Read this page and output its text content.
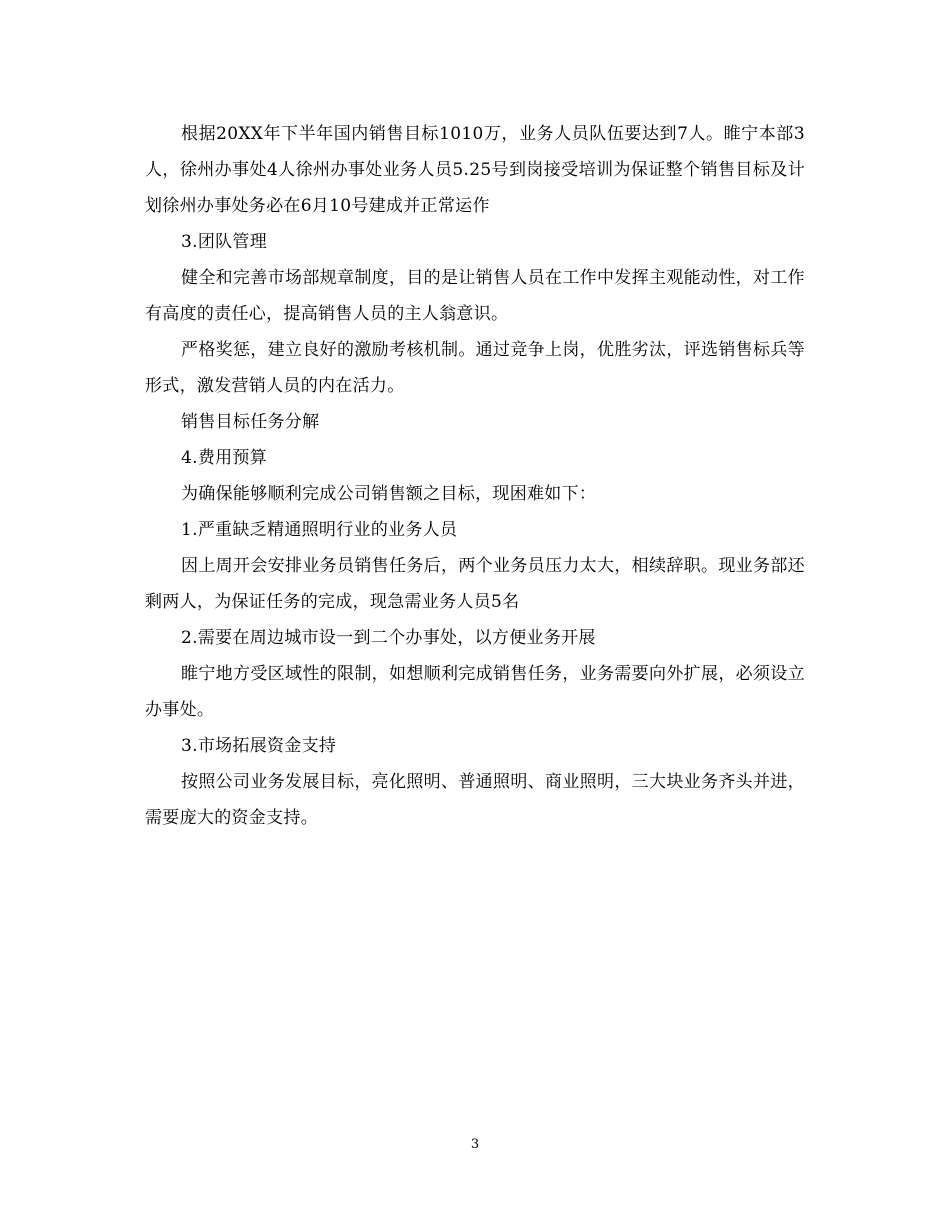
根据20XX年下半年国内销售目标1010万，业务人员队伍要达到7人。睢宁本部3人，徐州办事处4人徐州办事处业务人员5.25号到岗接受培训为保证整个销售目标及计划徐州办事处务必在6月10号建成并正常运作

3.团队管理

健全和完善市场部规章制度，目的是让销售人员在工作中发挥主观能动性，对工作有高度的责任心，提高销售人员的主人翁意识。

严格奖惩，建立良好的激励考核机制。通过竞争上岗，优胜劣汰，评选销售标兵等形式，激发营销人员的内在活力。

销售目标任务分解

4.费用预算

为确保能够顺利完成公司销售额之目标，现困难如下：

1.严重缺乏精通照明行业的业务人员

因上周开会安排业务员销售任务后，两个业务员压力太大，相续辞职。现业务部还剩两人，为保证任务的完成，现急需业务人员5名

2.需要在周边城市设一到二个办事处，以方便业务开展

睢宁地方受区域性的限制，如想顺利完成销售任务，业务需要向外扩展，必须设立办事处。

3.市场拓展资金支持

按照公司业务发展目标，亮化照明、普通照明、商业照明，三大块业务齐头并进，需要庞大的资金支持。

3
